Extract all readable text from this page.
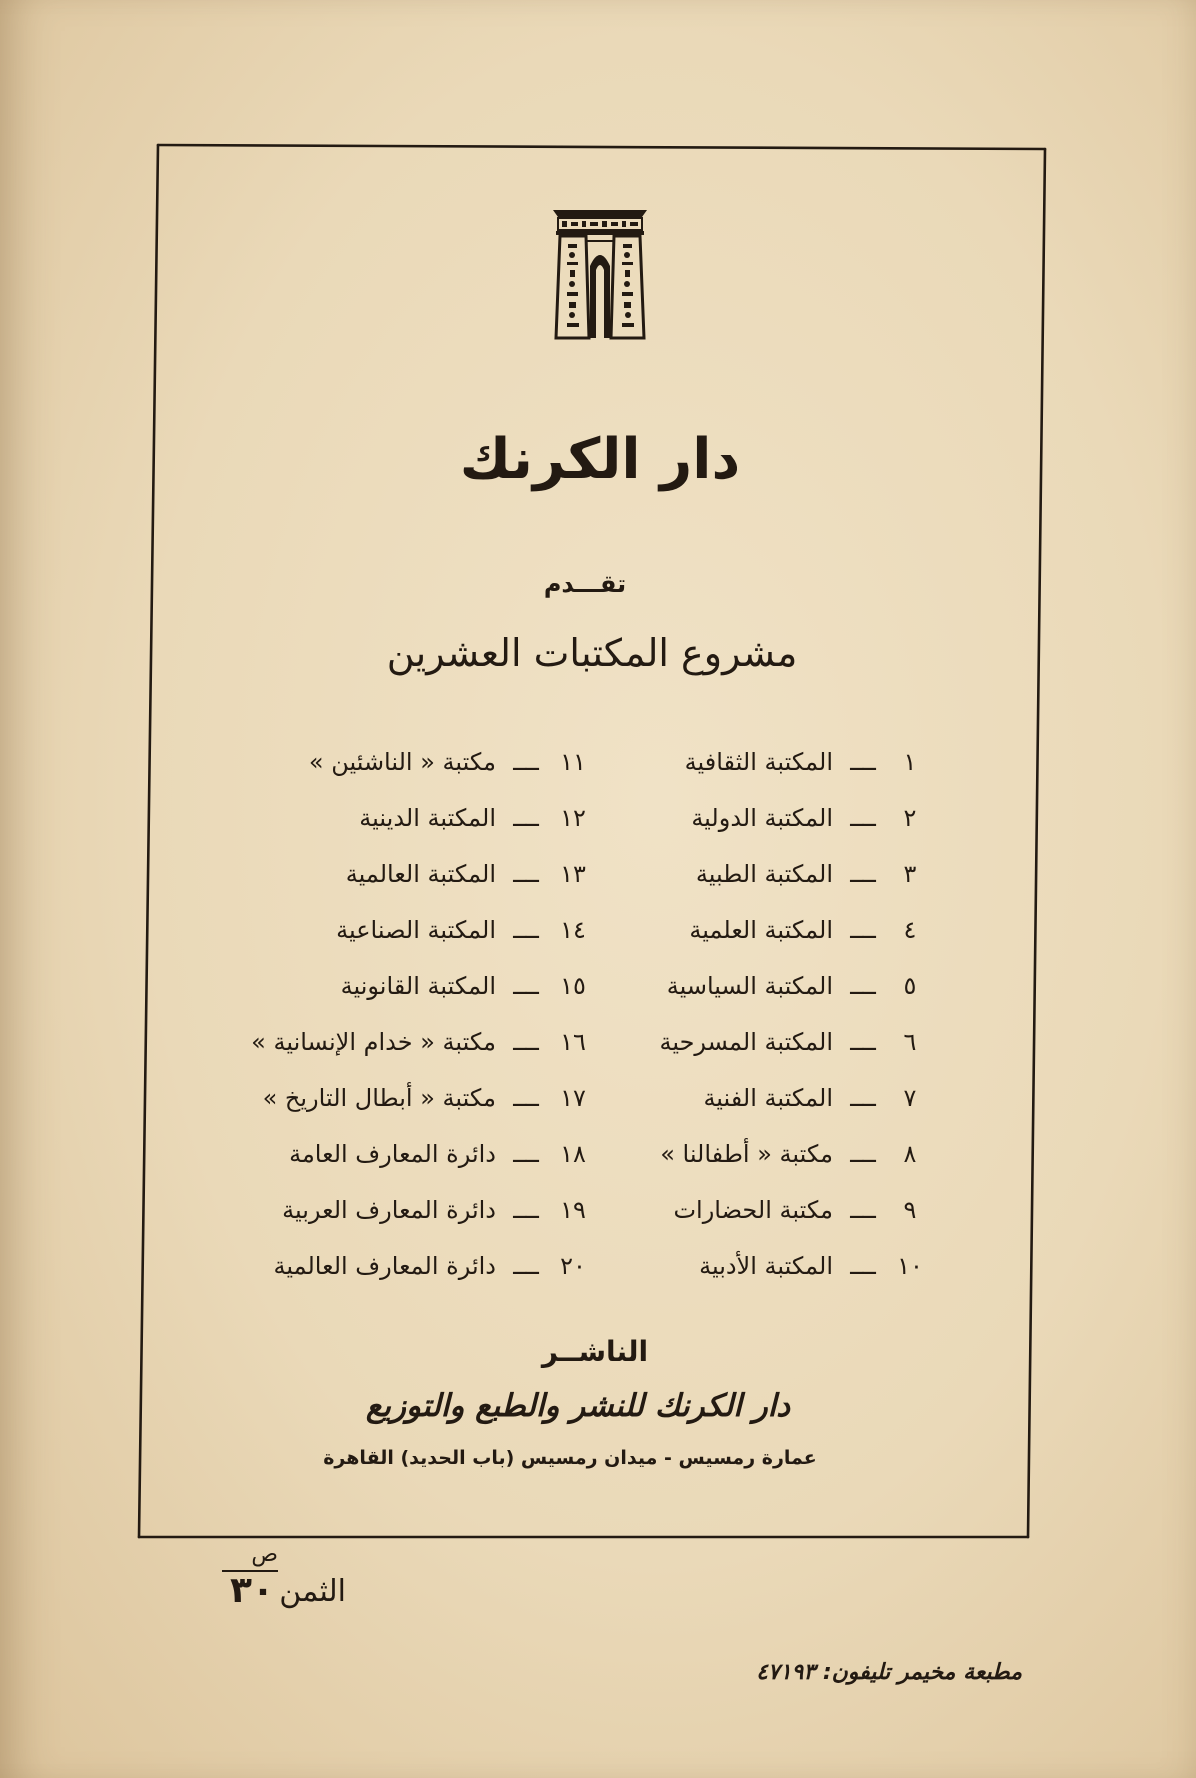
دار الكرنك
تقـــدم
مشروع المكتبات العشرين
١
ــ
المكتبة الثقافية
٢
ــ
المكتبة الدولية
٣
ــ
المكتبة الطبية
٤
ــ
المكتبة العلمية
٥
ــ
المكتبة السياسية
٦
ــ
المكتبة المسرحية
٧
ــ
المكتبة الفنية
٨
ــ
مكتبة « أطفالنا »
٩
ــ
مكتبة الحضارات
١٠
ــ
المكتبة الأدبية
١١
ــ
مكتبة « الناشئين »
١٢
ــ
المكتبة الدينية
١٣
ــ
المكتبة العالمية
١٤
ــ
المكتبة الصناعية
١٥
ــ
المكتبة القانونية
١٦
ــ
مكتبة « خدام الإنسانية »
١٧
ــ
مكتبة « أبطال التاريخ »
١٨
ــ
دائرة المعارف العامة
١٩
ــ
دائرة المعارف العربية
٢٠
ــ
دائرة المعارف العالمية
الناشــر
دار الكرنك للنشر والطبع والتوزيع
عمارة رمسيس - ميدان رمسيس (باب الحديد) القاهرة
الثمن
ص
٣٠
مطبعة مخيمر تليفون: ٤٧١٩٣
